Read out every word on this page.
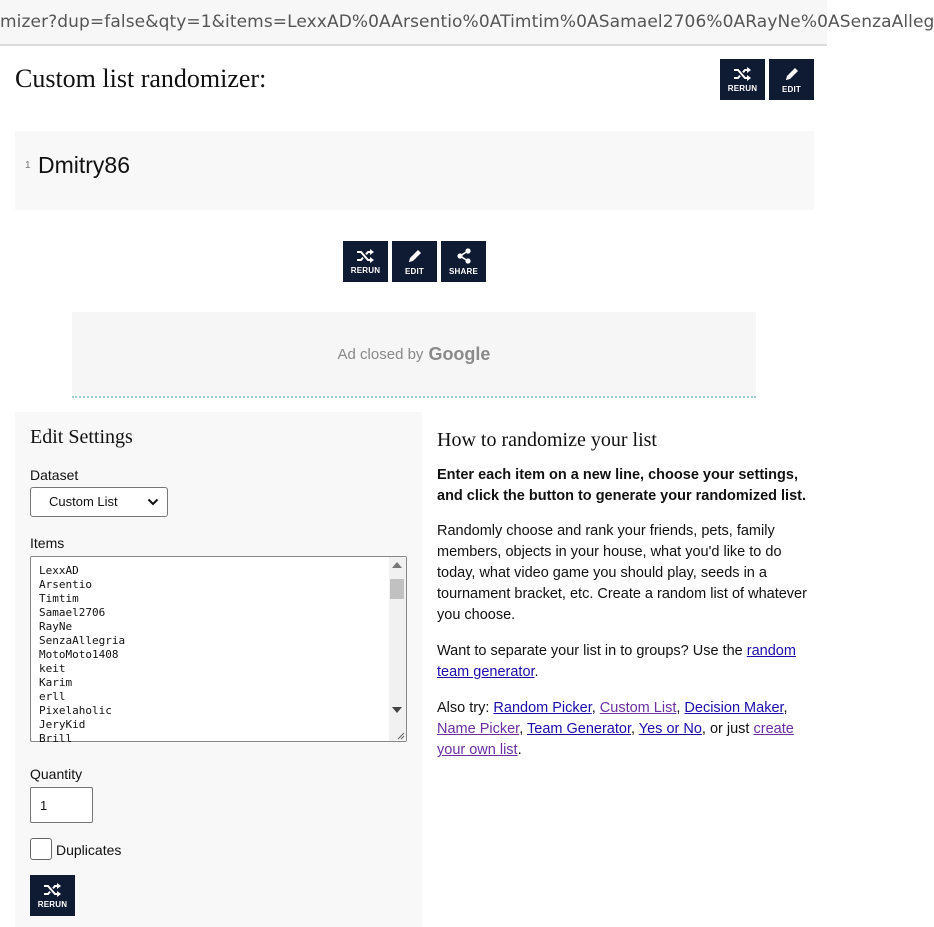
mizer?dup=false&qty=1&items=LexxAD%0AArsentio%0ATimtim%0ASamael2706%0ARayNe%0ASenzaAlleg
Custom list randomizer:	RERUN	EDIT
1 Dmitry86
RERUN	EDIT	SHARE
Ad closed by Google
Edit Settings
Dataset
Custom List
Items
LexxAD
Arsentio
Timtim
Samael2706
RayNe
SenzaAllegria
MotoMoto1408
keit
Karim
erll
Pixelaholic
JeryKid
Brill
Quantity
1
Duplicates
RERUN
How to randomize your list

Enter each item on a new line, choose your settings, and click the button to generate your randomized list.

Randomly choose and rank your friends, pets, family members, objects in your house, what you'd like to do today, what video game you should play, seeds in a tournament bracket, etc. Create a random list of whatever you choose.

Want to separate your list in to groups? Use the random team generator.

Also try: Random Picker, Custom List, Decision Maker, Name Picker, Team Generator, Yes or No, or just create your own list.
